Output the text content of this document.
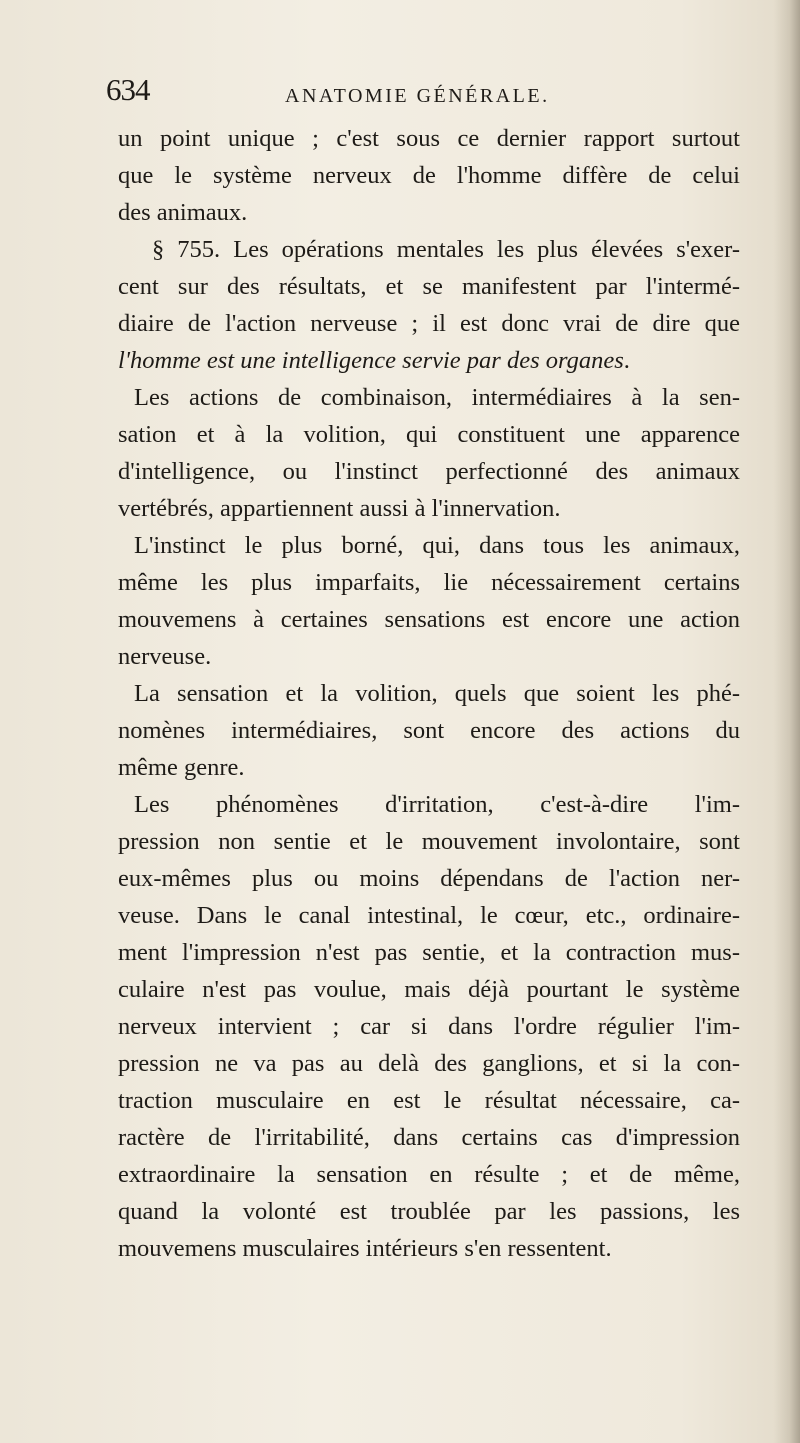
634	ANATOMIE GÉNÉRALE.
un point unique ; c'est sous ce dernier rapport surtout
que le système nerveux de l'homme diffère de celui
des animaux.
§ 755. Les opérations mentales les plus élevées s'exer-
cent sur des résultats, et se manifestent par l'intermé-
diaire de l'action nerveuse ; il est donc vrai de dire que
l'homme est une intelligence servie par des organes.
Les actions de combinaison, intermédiaires à la sen-
sation et à la volition, qui constituent une apparence
d'intelligence, ou l'instinct perfectionné des animaux
vertébrés, appartiennent aussi à l'innervation.
L'instinct le plus borné, qui, dans tous les animaux,
même les plus imparfaits, lie nécessairement certains
mouvemens à certaines sensations est encore une action
nerveuse.
La sensation et la volition, quels que soient les phé-
nomènes intermédiaires, sont encore des actions du
même genre.
Les phénomènes d'irritation, c'est-à-dire l'im-
pression non sentie et le mouvement involontaire, sont
eux-mêmes plus ou moins dépendans de l'action ner-
veuse. Dans le canal intestinal, le cœur, etc., ordinaire-
ment l'impression n'est pas sentie, et la contraction mus-
culaire n'est pas voulue, mais déjà pourtant le système
nerveux intervient ; car si dans l'ordre régulier l'im-
pression ne va pas au delà des ganglions, et si la con-
traction musculaire en est le résultat nécessaire, ca-
ractère de l'irritabilité, dans certains cas d'impression
extraordinaire la sensation en résulte ; et de même,
quand la volonté est troublée par les passions, les
mouvemens musculaires intérieurs s'en ressentent.
